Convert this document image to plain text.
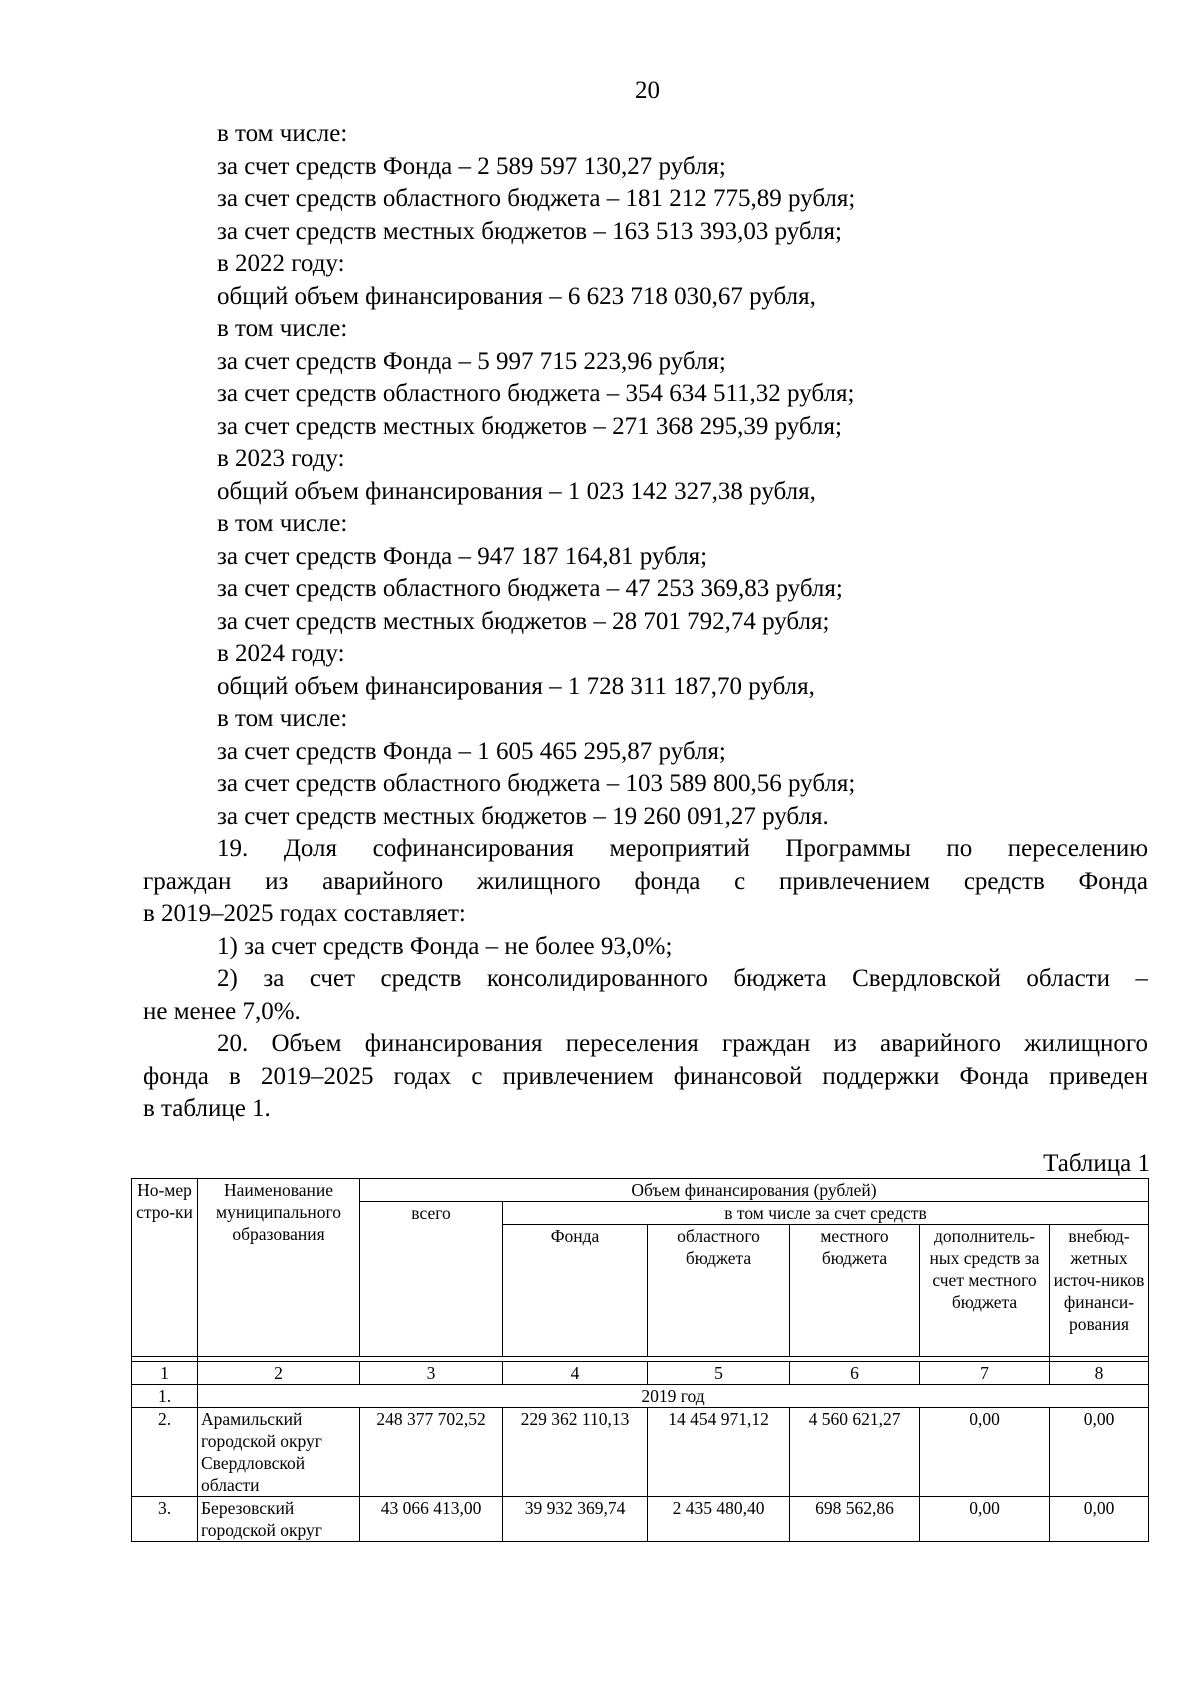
20
в том числе:
за счет средств Фонда – 2 589 597 130,27 рубля;
за счет средств областного бюджета – 181 212 775,89 рубля;
за счет средств местных бюджетов – 163 513 393,03 рубля;
в 2022 году:
общий объем финансирования – 6 623 718 030,67 рубля,
в том числе:
за счет средств Фонда – 5 997 715 223,96 рубля;
за счет средств областного бюджета – 354 634 511,32 рубля;
за счет средств местных бюджетов – 271 368 295,39 рубля;
в 2023 году:
общий объем финансирования – 1 023 142 327,38 рубля,
в том числе:
за счет средств Фонда – 947 187 164,81 рубля;
за счет средств областного бюджета – 47 253 369,83 рубля;
за счет средств местных бюджетов – 28 701 792,74 рубля;
в 2024 году:
общий объем финансирования – 1 728 311 187,70 рубля,
в том числе:
за счет средств Фонда – 1 605 465 295,87 рубля;
за счет средств областного бюджета – 103 589 800,56 рубля;
за счет средств местных бюджетов – 19 260 091,27 рубля.
19. Доля софинансирования мероприятий Программы по переселению
граждан из аварийного жилищного фонда с привлечением средств Фонда
в 2019–2025 годах составляет:
1) за счет средств Фонда – не более 93,0%;
2) за счет средств консолидированного бюджета Свердловской области –
не менее 7,0%.
20. Объем финансирования переселения граждан из аварийного жилищного
фонда в 2019–2025 годах с привлечением финансовой поддержки Фонда приведен
в таблице 1.
Таблица 1
Но-мер стро-ки	Наименование муниципального образования	Объем финансирования (рублей)					
		всего	в том числе за счет средств				
			Фонда	областного бюджета	местного бюджета	дополнитель-ных средств за счет местного бюджета	внебюд-жетных источ-ников финанси-рования

1	2	3	4	5	6	7	8
1.	2019 год						
2.	Арамильский городской округ Свердловской области	248 377 702,52	229 362 110,13	14 454 971,12	4 560 621,27	0,00	0,00
3.	Березовский городской округ	43 066 413,00	39 932 369,74	2 435 480,40	698 562,86	0,00	0,00
